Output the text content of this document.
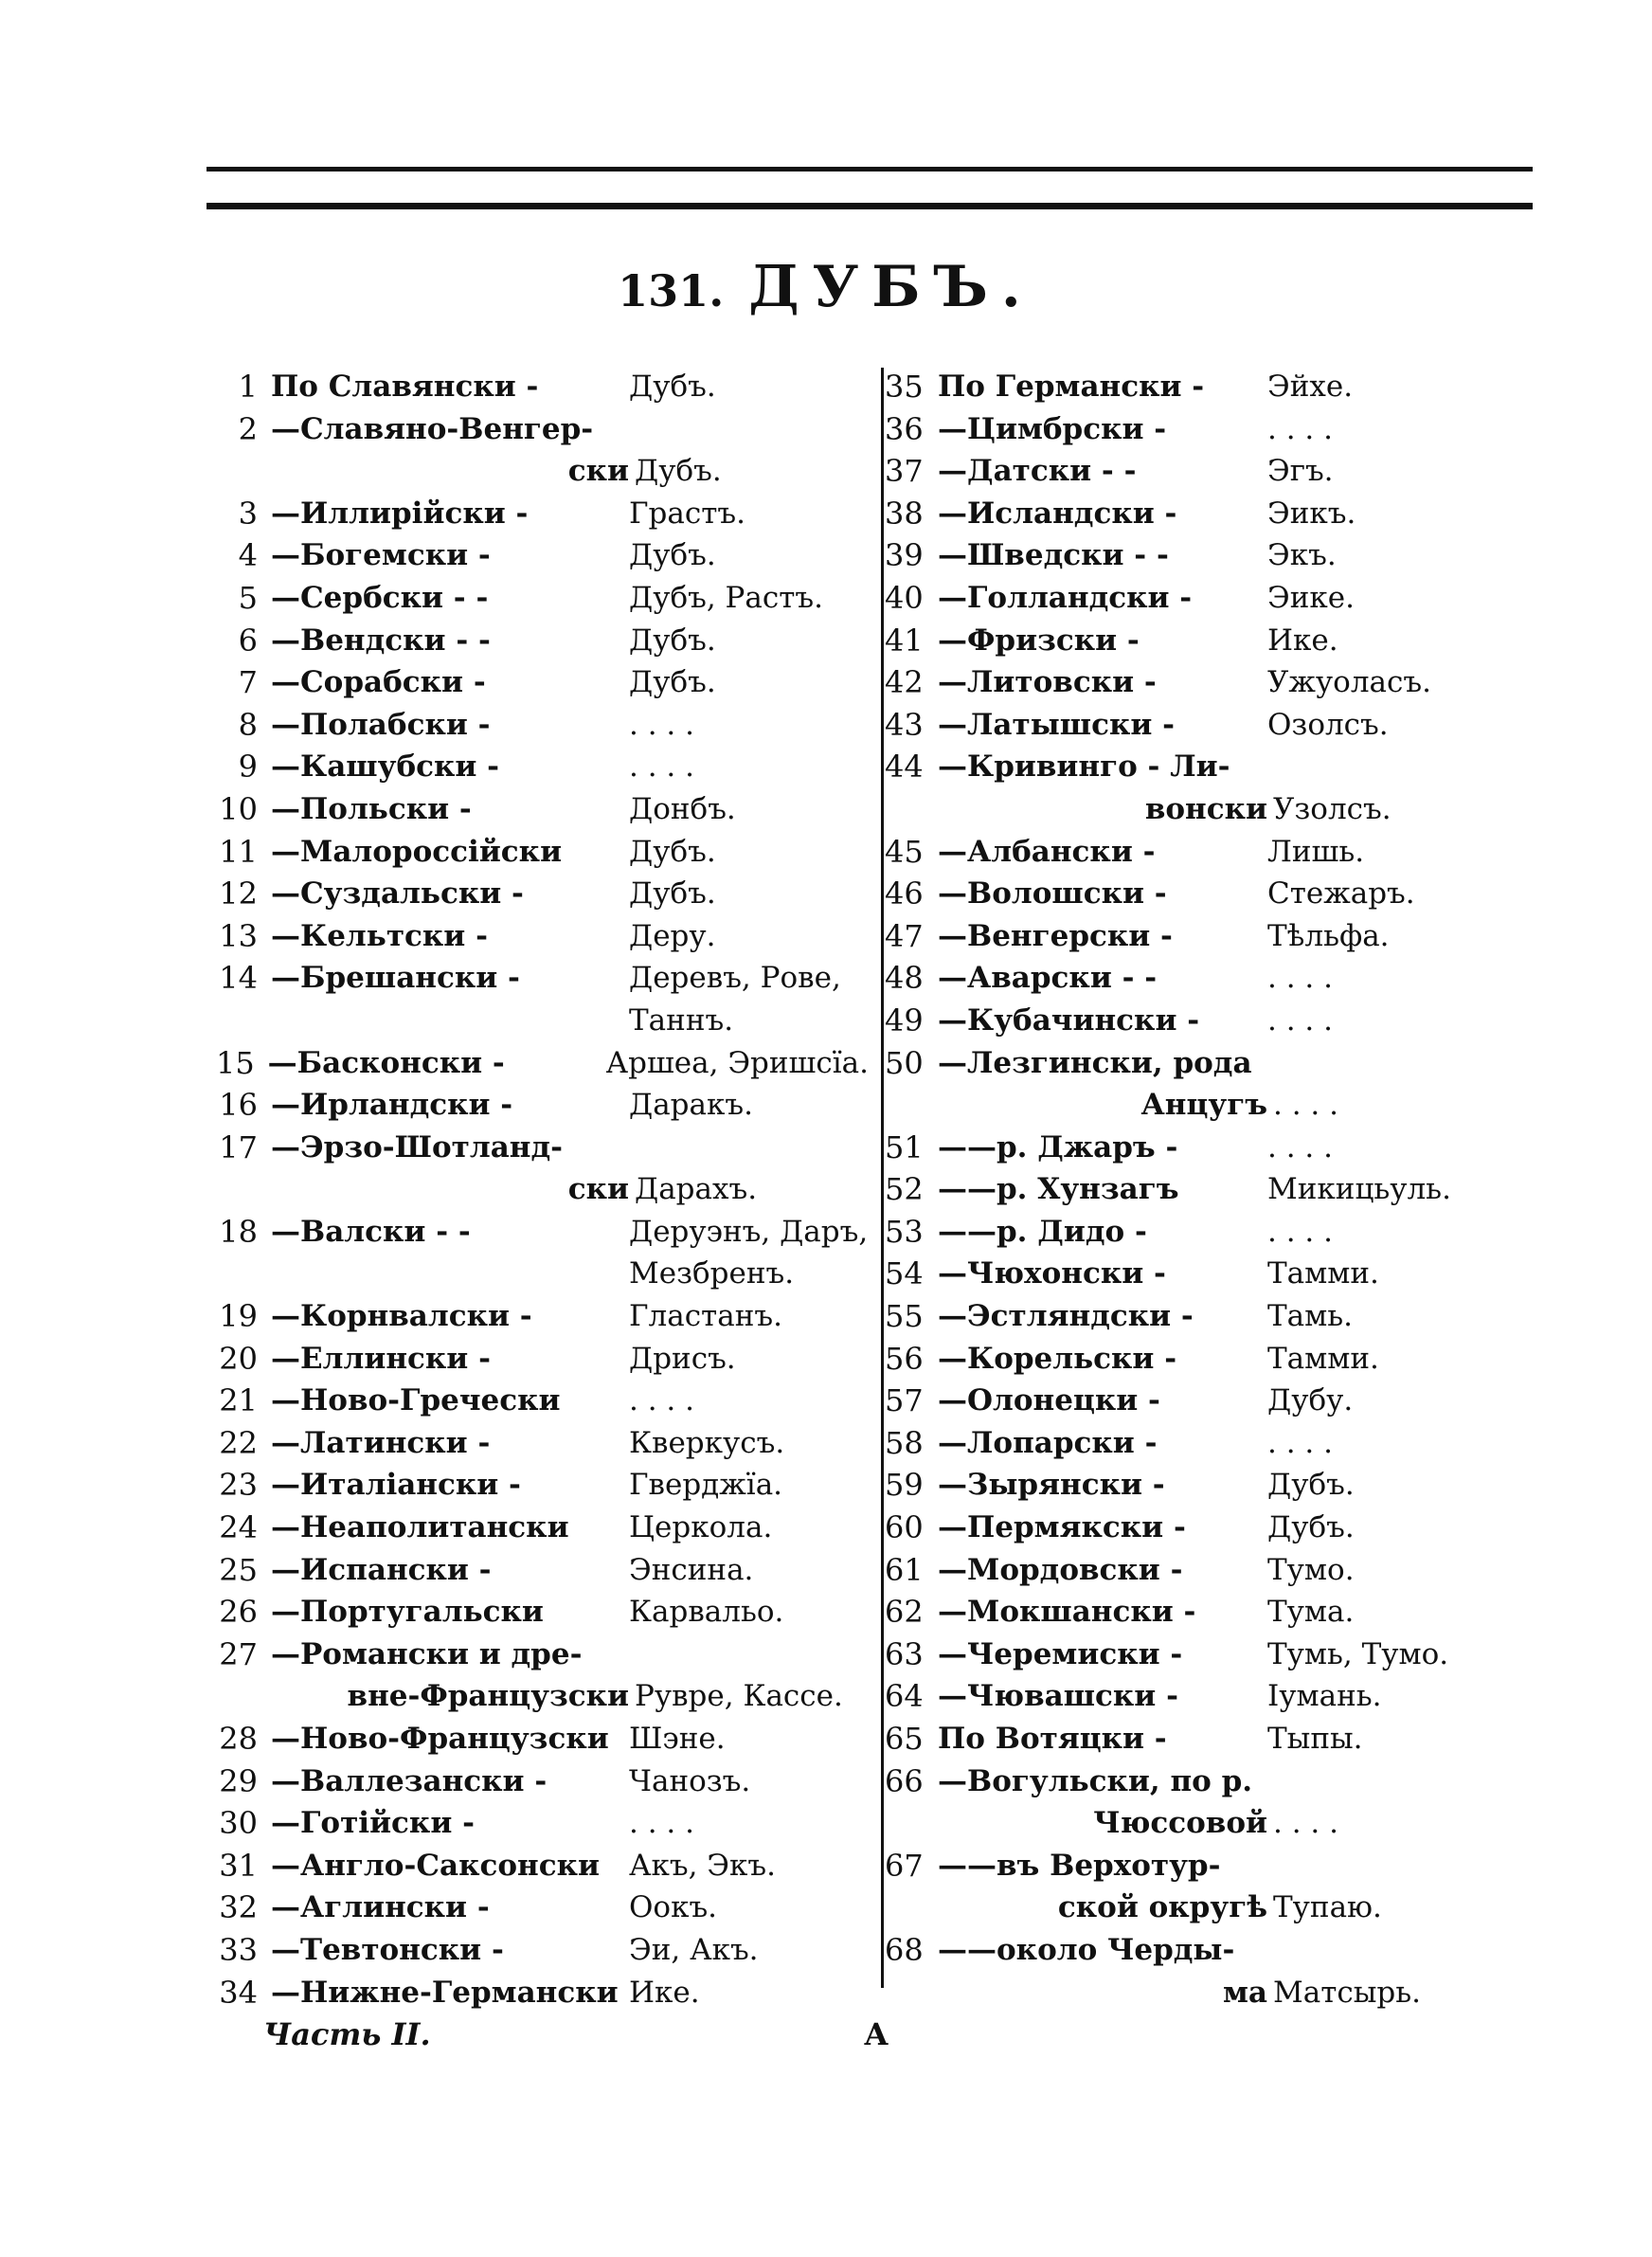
131. ДУБЪ.
1 По Славянски -	Дубъ.
2 —Славяно-Венгер-
ски Дубъ.
3 —Иллирійски -	Грастъ.
4 —Богемски -	Дубъ.
5 —Сербски - -	Дубъ, Растъ.
6 —Вендски - -	Дубъ.
7 —Сорабски -	Дубъ.
8 —Полабски -	. . . .
9 —Кашубски -	. . . .
10 —Польски -	Донбъ.
11 —Малороссійски	Дубъ.
12 —Суздальски -	Дубъ.
13 —Кельтски -	Деру.
14 —Брешански -	Деревъ, Рове,
Таннъ.
15 —Басконски -	Аршеа, Эришсїа.
16 —Ирландски -	Даракъ.
17 —Эрзо-Шотланд-
ски Дарахъ.
18 —Валски - -	Деруэнъ, Даръ,
Мезбренъ.
19 —Корнвалски -	Гластанъ.
20 —Еллински -	Дрисъ.
21 —Ново-Гречески	. . . .
22 —Латински -	Кверкусъ.
23 —Италіански -	Гверджїа.
24 —Неаполитански	Церкола.
25 —Испански -	Энсина.
26 —Португальски	Карвальо.
27 —Романски и дре-
вне-Французски Рувре, Кассе.
28 —Ново-Французски Шэне.
29 —Валлезански -	Чанозъ.
30 —Готійски -	. . . .
31 —Англо-Саксонски	Акъ, Экъ.
32 —Аглински -	Оокъ.
33 —Тевтонски -	Эи, Акъ.
34 —Нижне-Германски Ике.
35 По Германски -	Эйхе.
36 —Цимбрски -	. . . .
37 —Датски - -	Эгъ.
38 —Исландски -	Эикъ.
39 —Шведски - -	Экъ.
40 —Голландски -	Эике.
41 —Фризски -	Ике.
42 —Литовски -	Ужуоласъ.
43 —Латышски -	Озолсъ.
44 —Кривинго - Ли-
вонски Узолсъ.
45 —Албански -	Лишь.
46 —Волошски -	Стежаръ.
47 —Венгерски -	Тѣльфа.
48 —Аварски - -	. . . .
49 —Кубачински -	. . . .
50 —Лезгински, рода
Анцугъ . . . .
51 ——р. Джаръ -	. . . .
52 ——р. Хунзагъ	Микицьуль.
53 ——р. Дидо -	. . . .
54 —Чюхонски -	Тамми.
55 —Эстляндски -	Тамь.
56 —Корельски -	Тамми.
57 —Олонецки -	Дубу.
58 —Лопарски -	. . . .
59 —Зырянски -	Дубъ.
60 —Пермякски -	Дубъ.
61 —Мордовски -	Тумо.
62 —Мокшански -	Тума.
63 —Черемиски -	Тумь, Тумо.
64 —Чювашски -	Іумань.
65 По Вотяцки -	Тыпы.
66 —Вогульски, по р.
Чюссовой . . . .
67 ——въ Верхотур-
ской округѣ Тупаю.
68 ——около Черды-
ма Матсырь.
Часть II.	А
